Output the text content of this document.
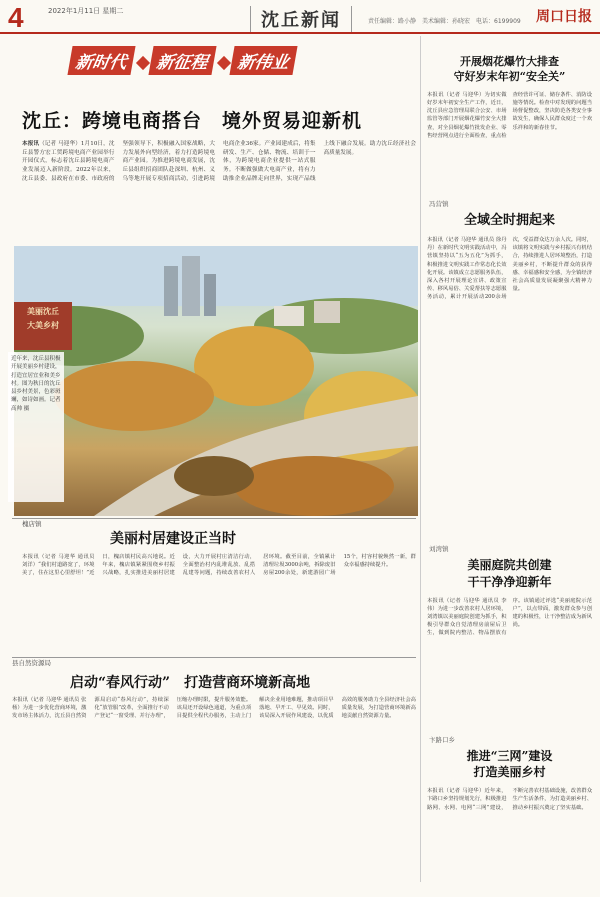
4	2022年1月11日 星期二	沈丘新闻	责任编辑：路小静　美术编辑：孙晓宏　电话：6199909 周口日报
新时代 新征程 新伟业
沈丘：跨境电商搭台　境外贸易迎新机
本报讯（记者 马迎华）1月10日，沈丘县警方宏工贸跨境电商产业园举行开园仪式，标志着沈丘县跨境电商产业发展迈入新阶段。2022年以来，沈丘县委、县政府在市委、市政府的坚强领导下，积极融入国家战略，大力发展外向型经济，着力打造跨境电商产业园。为推进跨境电商发展，沈丘县组织招商团队赴深圳、杭州、义乌等地开展专项招商活动，引进跨境电商企业36家。产业园建成后，将集研发、生产、仓储、物流、培训于一体，为跨境电商企业提供一站式服务。不断做强做大电商产业，将有力助推企业品牌走向世界，实现产品线上线下融合发展。助力沈丘经济社会高质量发展。
美丽沈丘
大美乡村
近年来，沈丘县积极开展美丽乡村建设，打造宜居宜业和美乡村。图为秋日的沈丘县乡村美景，色彩斑斓，如诗如画。记者 高帅 摄
开展烟花爆竹大排查
守好岁末年初“安全关”
本报讯（记者 马迎华）为切实做好岁末年初安全生产工作，近日，沈丘县应急管理局联合公安、市场监管等部门开展烟花爆竹安全大排查，对全县烟花爆竹批发企业、零售经营网点进行全面检查，重点检查经营许可证、储存条件、消防设施等情况。检查中对发现的问题当场督促整改，坚决防范各类安全事故发生，确保人民群众度过一个欢乐祥和的新春佳节。
冯营镇
全域全时拥起来
本报讯（记者 马迎华 通讯员 徐丹丹）在新时代文明实践活动中，冯营镇坚持以“五为五化”为抓手，积极推进文明实践工作常态化长效化开展。该镇成立志愿服务队伍，深入各村开展理论宣讲、政策宣传、移风易俗、关爱帮扶等志愿服务活动，累计开展活动200余场次，受益群众达万余人次。同时，该镇将文明实践与乡村振兴有机结合，持续推进人居环境整治，打造美丽乡村，不断提升群众的获得感、幸福感和安全感，为全镇经济社会高质量发展凝聚强大精神力量。
刘湾镇
美丽庭院共创建
干干净净迎新年
本报讯（记者 马迎华 通讯员 李伟）为进一步改善农村人居环境，刘湾镇以美丽庭院创建为抓手，积极引导群众自觉清理房前屋后卫生，做到院内整洁、物品摆放有序。该镇通过评选“美丽庭院示范户”，以点带面，激发群众参与创建的积极性，让干净整洁成为新风尚。
卞路口乡
推进“三网”建设
打造美丽乡村
本报讯（记者 马迎华）近年来，卞路口乡坚持规划先行，积极推进路网、水网、电网“三网”建设，不断完善农村基础设施，改善群众生产生活条件，为打造美丽乡村、推动乡村振兴奠定了坚实基础。
槐店镇
美丽村居建设正当时
本报讯（记者 马迎华 通讯员 刘洋）“我们村道路宽了，环境美了，住在这里心里舒坦！”近日，槐店镇村民高兴地说。近年来，槐店镇紧紧围绕乡村振兴战略，扎实推进美丽村居建设，大力开展村庄清洁行动，全面整治村内乱堆乱放、乱搭乱建等问题，持续改善农村人居环境。截至目前，全镇累计清理垃圾3000余吨，拆除废旧房屋200余处，新建游园广场15个，村容村貌焕然一新，群众幸福感持续提升。
县自然资源局
启动“春风行动”　打造营商环境新高地
本报讯（记者 马迎华 通讯员 张杨）为进一步优化营商环境，激发市场主体活力，沈丘县自然资源局启动“春风行动”，持续深化“放管服”改革，全面推行不动产登记“一窗受理、并行办理”，压缩办理时限，提升服务效能。该局还开设绿色通道，为重点项目提供全程代办服务，主动上门解决企业用地难题，推动项目早落地、早开工、早见效。同时，该局深入开展作风建设，以优质高效的服务助力全县经济社会高质量发展，为打造营商环境新高地贡献自然资源力量。
